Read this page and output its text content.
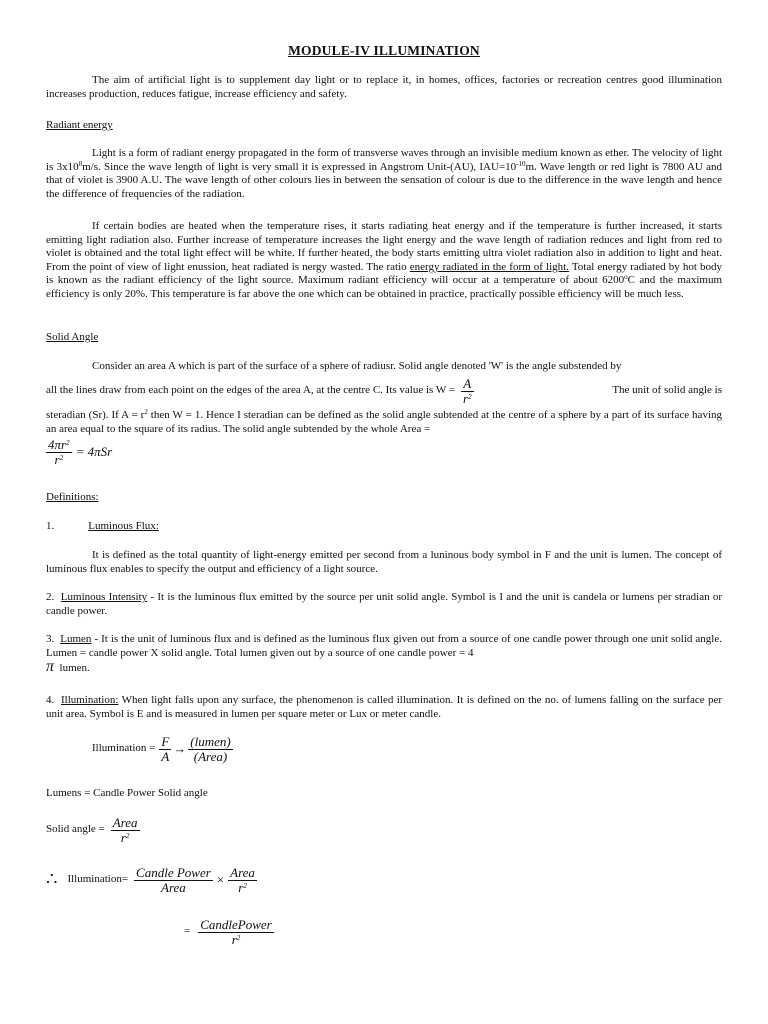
MODULE-IV ILLUMINATION
The aim of artificial light is to supplement day light or to replace it, in homes, offices, factories or recreation centres good illumination increases production, reduces fatigue, increase efficiency and safety.
Radiant energy
Light is a form of radiant energy propagated in the form of transverse waves through an invisible medium known as ether. The velocity of light is $3x10^8m/s$. Since the wave length of light is very small it is expressed in Angstrom Unit-(AU), $IAU=10^{-10}m$. Wave length or red light is 7800 AU and that of violet is 3900 A.U. The wave length of other colours lies in between the sensation of colour is due to the difference in the wave length and hence the difference of frequencies of the radiation.
If certain bodies are heated when the temperature rises, it starts radiating heat energy and if the temperature is further increased, it starts emitting light radiation also. Further increase of temperature increases the light energy and the wave length of radiation reduces and light from red to violet is obtained and the total light effect will be white. If further heated, the body starts emitting ultra violet radiation also in addition to light and heat. From the point of view of light enussion, heat radiated is nergy wasted. The ratio energy radiated in the form of light. Total energy radiated by hot body is known as the radiant efficiency of the light source. Maximum radiant efficiency will occur at a temperature of about 6200$^o$C and the maximum efficiency is only 20%. This temperature is far above the one which can be obtained in practice, practically possible efficiency will be much less.
Solid Angle
Consider an area A which is part of the surface of a sphere of radiusr. Solid angle denoted 'W' is the angle substended by
all the lines draw from each point on the edges of the area A, at the centre C. Its value is $W = \frac{A}{r^2}$	The unit of solid angle is
steradian (Sr). If $A = r^2$ then W = 1. Hence I steradian can be defined as the solid angle subtended at the centre of a sphere by a part of its surface having an area equal to the square of its radius. The solid angle subtended by the whole Area =
$\frac{4\pi r^2}{r^2} = 4\pi Sr$
Definitions:
1.	Luminous Flux:
It is defined as the total quantity of light-energy emitted per second from a luninous body symbol in F and the unit is lumen. The concept of luminous flux enables to specify the output and efficiency of a light source.
2. Luminous Intensity - It is the luminous flux emitted by the source per unit solid angle. Symbol is I and the unit is candela or lumens per stradian or candle power.
3. Lumen - It is the unit of luminous flux and is defined as the luminous flux given out from a source of one candle power through one unit solid angle. Lumen = candle power X solid angle. Total lumen given out by a source of one candle power = 4
π lumen.
4. Illumination: When light falls upon any surface, the phenomenon is called illumination. It is defined on the no. of lumens falling on the surface per unit area. Symbol is E and is measured in lumen per square meter or Lux or meter candle.
Illumination = $\frac{F}{A} \to \frac{\text{(lumen)}}{\text{(Area)}}$
Lumens = Candle Power Solid angle
Solid angle = $\frac{\text{Area}}{r^2}$
∴ Illumination= $\frac{\text{Candle Power}}{\text{Area}} \times \frac{\text{Area}}{r^2}$
= $\frac{\text{CandlePower}}{r^2}$
